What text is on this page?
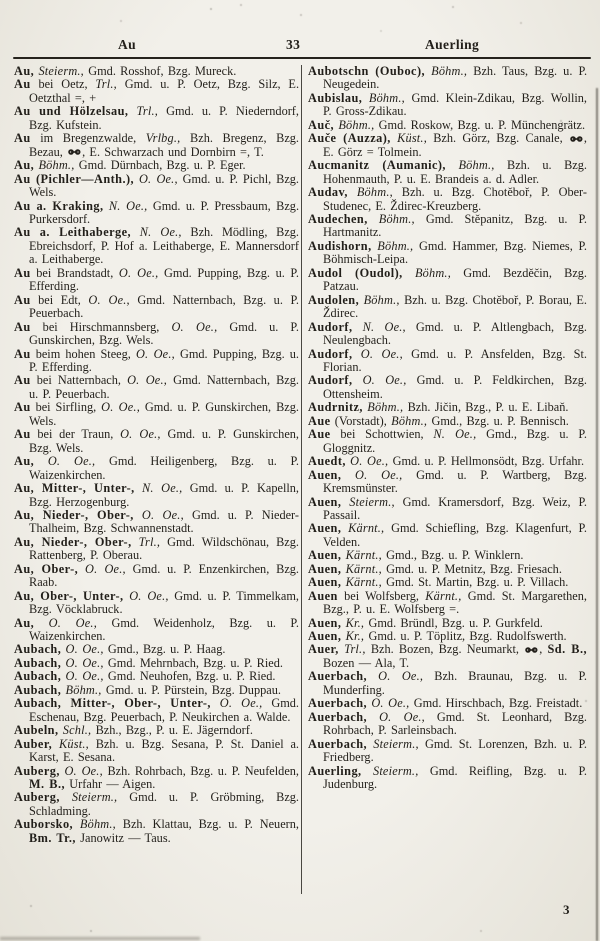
Au	33	Auerling

Au, Steierm., Gmd. Rosshof, Bzg. Mureck.

Au bei Oetz, Trl., Gmd. u. P. Oetz, Bzg. Silz, E. Oetzthal =, +

Au und Hölzelsau, Trl., Gmd. u. P. Niederndorf, Bzg. Kufstein.

Au im Bregenzwalde, Vrlbg., Bzh. Bregenz, Bzg. Bezau,
, E. Schwarzach und Dornbirn =, T.

Au, Böhm., Gmd. Dürnbach, Bzg. u. P. Eger.

Au (Pichler—Anth.), O. Oe., Gmd. u. P. Pichl, Bzg. Wels.

Au a. Kraking, N. Oe., Gmd. u. P. Pressbaum, Bzg. Purkersdorf.

Au a. Leithaberge, N. Oe., Bzh. Mödling, Bzg. Ebreichsdorf, P. Hof a. Leithaberge, E. Mannersdorf a. Leithaberge.

Au bei Brandstadt, O. Oe., Gmd. Pupping, Bzg. u. P. Efferding.

Au bei Edt, O. Oe., Gmd. Natternbach, Bzg. u. P. Peuerbach.

Au bei Hirschmannsberg, O. Oe., Gmd. u. P. Gunskirchen, Bzg. Wels.

Au beim hohen Steeg, O. Oe., Gmd. Pupping, Bzg. u. P. Efferding.

Au bei Natternbach, O. Oe., Gmd. Natternbach, Bzg. u. P. Peuerbach.

Au bei Sirfling, O. Oe., Gmd. u. P. Gunskirchen, Bzg. Wels.

Au bei der Traun, O. Oe., Gmd. u. P. Gunskirchen, Bzg. Wels.

Au, O. Oe., Gmd. Heiligenberg, Bzg. u. P. Waizenkirchen.

Au, Mitter-, Unter-, N. Oe., Gmd. u. P. Kapelln, Bzg. Herzogenburg.

Au, Nieder-, Ober-, O. Oe., Gmd. u. P. Nieder-Thalheim, Bzg. Schwannenstadt.

Au, Nieder-, Ober-, Trl., Gmd. Wildschönau, Bzg. Rattenberg, P. Oberau.

Au, Ober-, O. Oe., Gmd. u. P. Enzenkirchen, Bzg. Raab.

Au, Ober-, Unter-, O. Oe., Gmd. u. P. Timmelkam, Bzg. Vöcklabruck.

Au, O. Oe., Gmd. Weidenholz, Bzg. u. P. Waizenkirchen.

Aubach, O. Oe., Gmd., Bzg. u. P. Haag.

Aubach, O. Oe., Gmd. Mehrnbach, Bzg. u. P. Ried.

Aubach, O. Oe., Gmd. Neuhofen, Bzg. u. P. Ried.

Aubach, Böhm., Gmd. u. P. Pürstein, Bzg. Duppau.

Aubach, Mitter-, Ober-, Unter-, O. Oe., Gmd. Eschenau, Bzg. Peuerbach, P. Neukirchen a. Walde.

Aubeln, Schl., Bzh., Bzg., P. u. E. Jägerndorf.

Auber, Küst., Bzh. u. Bzg. Sesana, P. St. Daniel a. Karst, E. Sesana.

Auberg, O. Oe., Bzh. Rohrbach, Bzg. u. P. Neufelden, M. B., Urfahr — Aigen.

Auberg, Steierm., Gmd. u. P. Gröbming, Bzg. Schladming.

Auborsko, Böhm., Bzh. Klattau, Bzg. u. P. Neuern, Bm. Tr., Janowitz — Taus.

Aubotschn (Ouboc), Böhm., Bzh. Taus, Bzg. u. P. Neugedein.

Aubislau, Böhm., Gmd. Klein-Zdikau, Bzg. Wollin, P. Gross-Zdikau.

Auč, Böhm., Gmd. Roskow, Bzg. u. P. Münchengrätz.

Auče (Auzza), Küst., Bzh. Görz, Bzg. Canale,
, E. Görz = Tolmein.

Aucmanitz (Aumanic), Böhm., Bzh. u. Bzg. Hohenmauth, P. u. E. Brandeis a. d. Adler.

Audav, Böhm., Bzh. u. Bzg. Chotěboř, P. Ober-Studenec, E. Ždirec-Kreuzberg.

Audechen, Böhm., Gmd. Stěpanitz, Bzg. u. P. Hartmanitz.

Audishorn, Böhm., Gmd. Hammer, Bzg. Niemes, P. Böhmisch-Leipa.

Audol (Oudol), Böhm., Gmd. Bezděčin, Bzg. Patzau.

Audolen, Böhm., Bzh. u. Bzg. Chotěboř, P. Borau, E. Ždirec.

Audorf, N. Oe., Gmd. u. P. Altlengbach, Bzg. Neulengbach.

Audorf, O. Oe., Gmd. u. P. Ansfelden, Bzg. St. Florian.

Audorf, O. Oe., Gmd. u. P. Feldkirchen, Bzg. Ottensheim.

Audrnitz, Böhm., Bzh. Jičin, Bzg., P. u. E. Libaň.

Aue (Vorstadt), Böhm., Gmd., Bzg. u. P. Bennisch.

Aue bei Schottwien, N. Oe., Gmd., Bzg. u. P. Gloggnitz.

Auedt, O. Oe., Gmd. u. P. Hellmonsödt, Bzg. Urfahr.

Auen, O. Oe., Gmd. u. P. Wartberg, Bzg. Kremsmünster.

Auen, Steierm., Gmd. Kramersdorf, Bzg. Weiz, P. Passail.

Auen, Kärnt., Gmd. Schiefling, Bzg. Klagenfurt, P. Velden.

Auen, Kärnt., Gmd., Bzg. u. P. Winklern.

Auen, Kärnt., Gmd. u. P. Metnitz, Bzg. Friesach.

Auen, Kärnt., Gmd. St. Martin, Bzg. u. P. Villach.

Auen bei Wolfsberg, Kärnt., Gmd. St. Margarethen, Bzg., P. u. E. Wolfsberg =.

Auen, Kr., Gmd. Bründl, Bzg. u. P. Gurkfeld.

Auen, Kr., Gmd. u. P. Töplitz, Bzg. Rudolfswerth.

Auer, Trl., Bzh. Bozen, Bzg. Neumarkt,
, Sd. B., Bozen — Ala, T.

Auerbach, O. Oe., Bzh. Braunau, Bzg. u. P. Munderfing.

Auerbach, O. Oe., Gmd. Hirschbach, Bzg. Freistadt.

Auerbach, O. Oe., Gmd. St. Leonhard, Bzg. Rohrbach, P. Sarleinsbach.

Auerbach, Steierm., Gmd. St. Lorenzen, Bzh. u. P. Friedberg.

Auerling, Steierm., Gmd. Reifling, Bzg. u. P. Judenburg.

3
